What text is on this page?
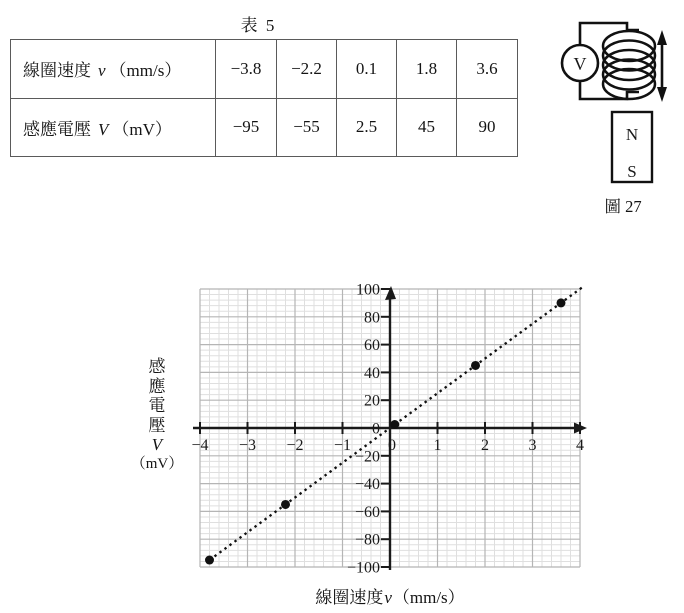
表 5
線圈速度 v （mm/s）	−3.8	−2.2	0.1	1.8	3.6
感應電壓 V （mV）	−95	−55	2.5	45	90
V
N
S
圖 27
−4 −3 −2 −1 0 1 2 3 4
−100
−80
−60
−40
−20
0
20
40
60
80
100
感
應
電
壓
V
（mV）
線圈速度v（mm/s）
